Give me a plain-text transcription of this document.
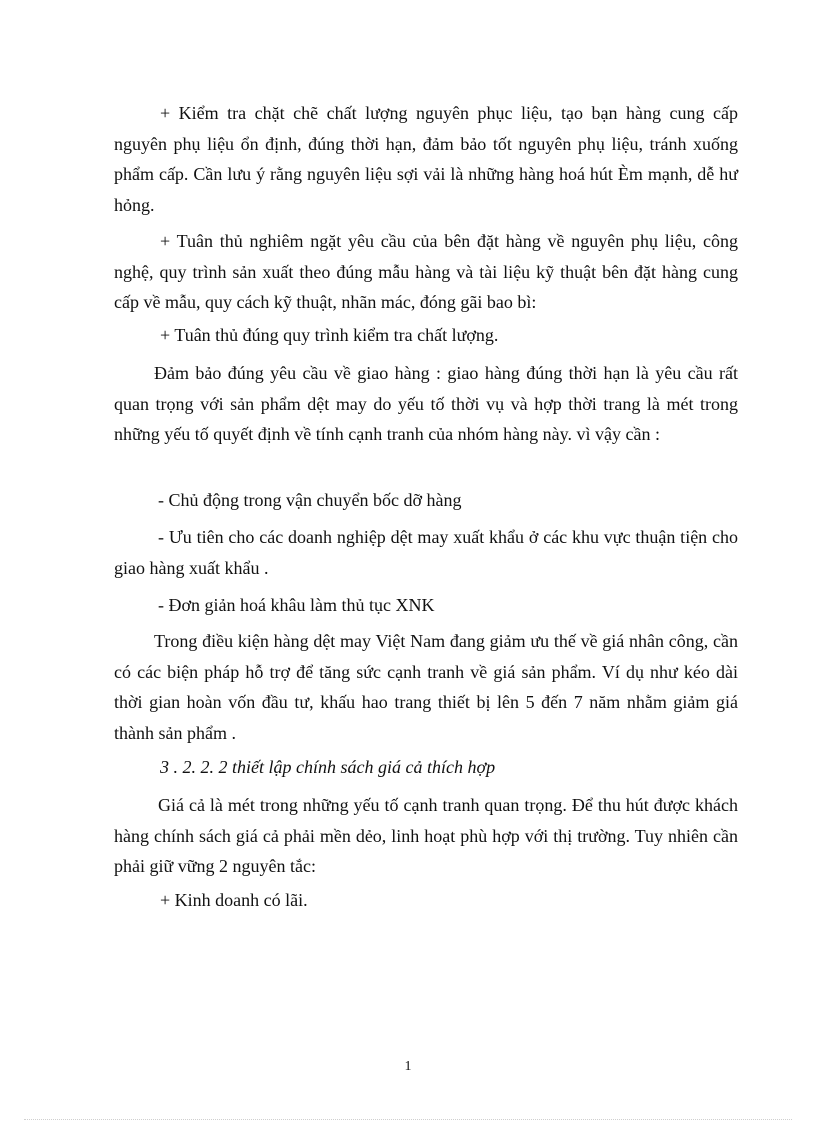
+ Kiểm tra chặt chẽ chất lượng nguyên phục liệu, tạo bạn hàng cung cấp nguyên phụ liệu ổn định, đúng thời hạn, đảm bảo tốt nguyên phụ liệu, tránh xuống phẩm cấp. Cần lưu ý rằng nguyên liệu sợi vải là những hàng hoá hút Èm mạnh, dễ hư hỏng.

+ Tuân thủ nghiêm ngặt yêu cầu của bên đặt hàng về nguyên phụ liệu, công nghệ, quy trình sản xuất theo đúng mẫu hàng và tài liệu kỹ thuật bên đặt hàng cung cấp về mẫu, quy cách kỹ thuật, nhãn mác, đóng gãi bao bì:

+ Tuân thủ đúng quy trình kiểm tra chất lượng.

Đảm bảo đúng yêu cầu về giao hàng : giao hàng đúng thời hạn là yêu cầu rất quan trọng với sản phẩm dệt may do yếu tố thời vụ và hợp thời trang là mét trong những yếu tố quyết định về tính cạnh tranh của nhóm hàng này. vì vậy cần :

- Chủ động trong vận chuyển bốc dỡ hàng

- Ưu tiên cho các doanh nghiệp dệt may xuất khẩu ở các khu vực thuận tiện cho giao hàng xuất khẩu .

- Đơn giản hoá khâu làm thủ tục XNK

Trong điều kiện hàng dệt may Việt Nam đang giảm ưu thế về giá nhân công, cần có các biện pháp hỗ trợ để tăng sức cạnh tranh về giá sản phẩm. Ví dụ như kéo dài thời gian hoàn vốn đầu tư, khấu hao trang thiết bị lên 5 đến 7 năm nhằm giảm giá thành sản phẩm .

3 . 2. 2. 2 thiết lập chính sách giá cả thích hợp

Giá cả là mét trong những yếu tố cạnh tranh quan trọng. Để thu hút được khách hàng chính sách giá cả phải mền dẻo, linh hoạt phù hợp với thị trường. Tuy nhiên cần phải giữ vững 2 nguyên tắc:

+ Kinh doanh có lãi.

1
